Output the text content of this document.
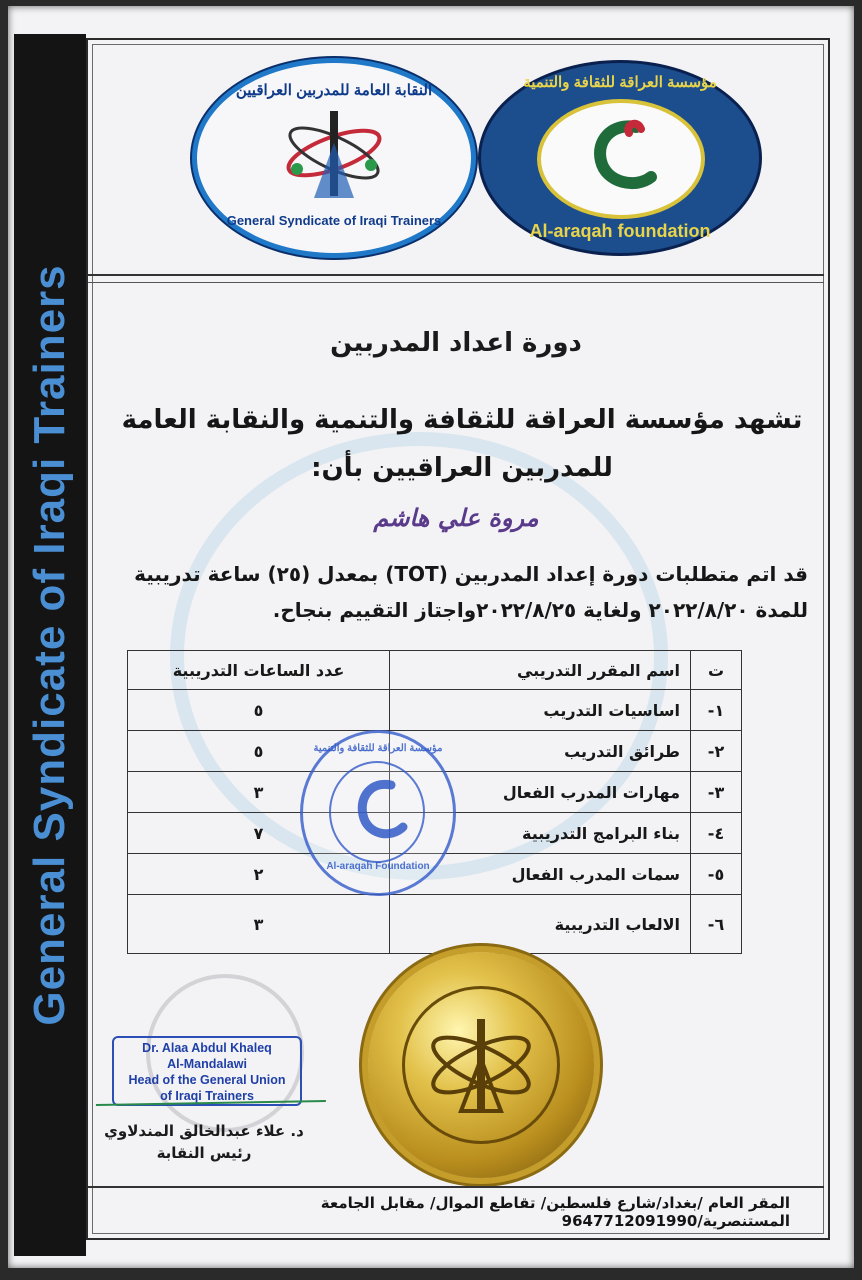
General Syndicate of Iraqi Trainers
النقابة العامة للمدربين العراقيين
General Syndicate of Iraqi Trainers
مؤسسة العراقة للثقافة والتنمية
Al-araqah foundation
دورة اعداد المدربين
تشهد مؤسسة العراقة للثقافة والتنمية والنقابة العامة للمدربين العراقيين بأن:
مروة علي هاشم
قد اتم متطلبات دورة إعداد المدربين (TOT) بمعدل (٢٥) ساعة تدريبية
للمدة ٢٠٢٢/٨/٢٠ ولغاية ٢٠٢٢/٨/٢٥واجتاز التقييم بنجاح.
ت	اسم المقرر التدريبي	عدد الساعات التدريبية
١-	اساسيات التدريب	٥
٢-	طرائق التدريب	٥
٣-	مهارات المدرب الفعال	٣
٤-	بناء البرامج التدريبية	٧
٥-	سمات المدرب الفعال	٢
٦-	الالعاب التدريبية	٣
مؤسسة العراقة للثقافة والتنمية
Al-araqah Foundation
Dr. Alaa Abdul Khaleq
Al-Mandalawi
Head of the General Union
of Iraqi Trainers
د. علاء عبدالخالق المندلاوي
رئيس النقابة
المقر العام /بغداد/شارع فلسطين/ تقاطع الموال/ مقابل الجامعة المستنصرية/9647712091990
